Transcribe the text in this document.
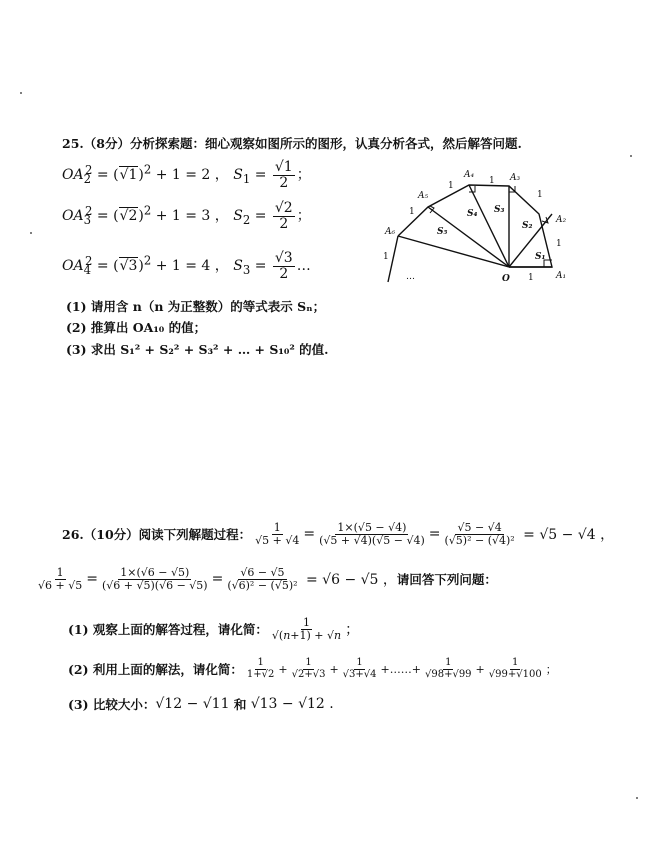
25.（8分）分析探索题：细心观察如图所示的图形，认真分析各式，然后解答问题.
$OA_2^2 = (√1)^2 + 1 = 2$ ， $S_1 = \frac{√1}{2}$ ；
$OA_3^2 = (√2)^2 + 1 = 3$ ， $S_2 = \frac{√2}{2}$ ；
$OA_4^2 = (√3)^2 + 1 = 4$ ， $S_3 = \frac{√3}{2}$ …
(1) 请用含 n（n 为正整数）的等式表示 Sₙ；
(2) 推算出 OA₁₀ 的值；
(3) 求出 S₁² + S₂² + S₃² + … + S₁₀² 的值.
A₁
A₂
A₃
A₄
A₅
A₆
O
S₁
S₂
S₃
S₄
S₅
1
1
1
1
1
1
1
…
26.（10分）阅读下列解题过程： $\frac{1}{√5 + √4} = \frac{1\times(√5 - √4)}{(√5 + √4)(√5 - √4)} = \frac{√5 - √4}{\text{(√5)² − (√4)²}} = √5 - √4$ ，
$\frac{1}{√6 + √5} = \frac{1\times(√6 - √5)}{(√6 + √5)(√6 - √5)} = \frac{√6 - √5}{\text{(√6)² − (√5)²}} = √6 - √5$ ， 请回答下列问题：
(1) 观察上面的解答过程，请化简： $\frac{1}{√(n+1) + √n}$ ；
(2) 利用上面的解法，请化简： $\frac{1}{1+√2} + \frac{1}{√2+√3} + \frac{1}{√3+√4}$ +……+ $\frac{1}{√98+√99} + \frac{1}{√99+√100}$ ；
(3) 比较大小： √12 − √11 和 √13 − √12 .
